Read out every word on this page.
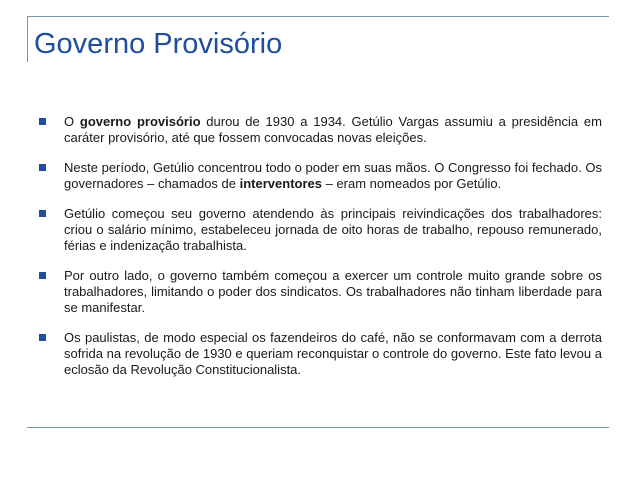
Governo Provisório
O governo provisório durou de 1930 a 1934. Getúlio Vargas assumiu a presidência em caráter provisório, até que fossem convocadas novas eleições.
Neste período, Getúlio concentrou todo o poder em suas mãos. O Congresso foi fechado. Os governadores – chamados de interventores – eram nomeados por Getúlio.
Getúlio começou seu governo atendendo às principais reivindicações dos trabalhadores: criou o salário mínimo, estabeleceu jornada de oito horas de trabalho, repouso remunerado, férias e indenização trabalhista.
Por outro lado, o governo também começou a exercer um controle muito grande sobre os trabalhadores, limitando o poder dos sindicatos. Os trabalhadores não tinham liberdade para se manifestar.
Os paulistas, de modo especial os fazendeiros do café, não se conformavam com a derrota sofrida na revolução de 1930 e queriam reconquistar o controle do governo. Este fato levou a eclosão da Revolução Constitucionalista.
